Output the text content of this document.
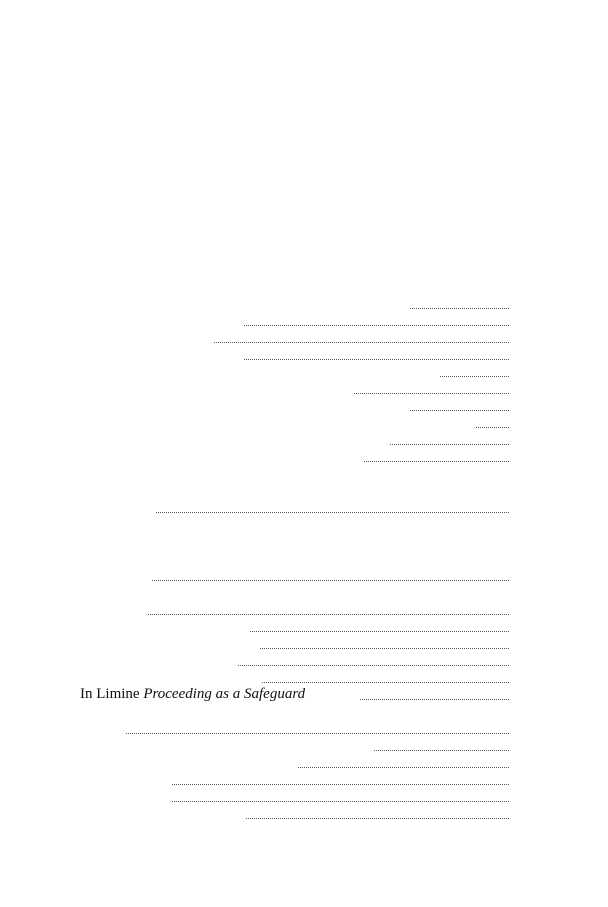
In Limine Proceeding as a Safeguard
